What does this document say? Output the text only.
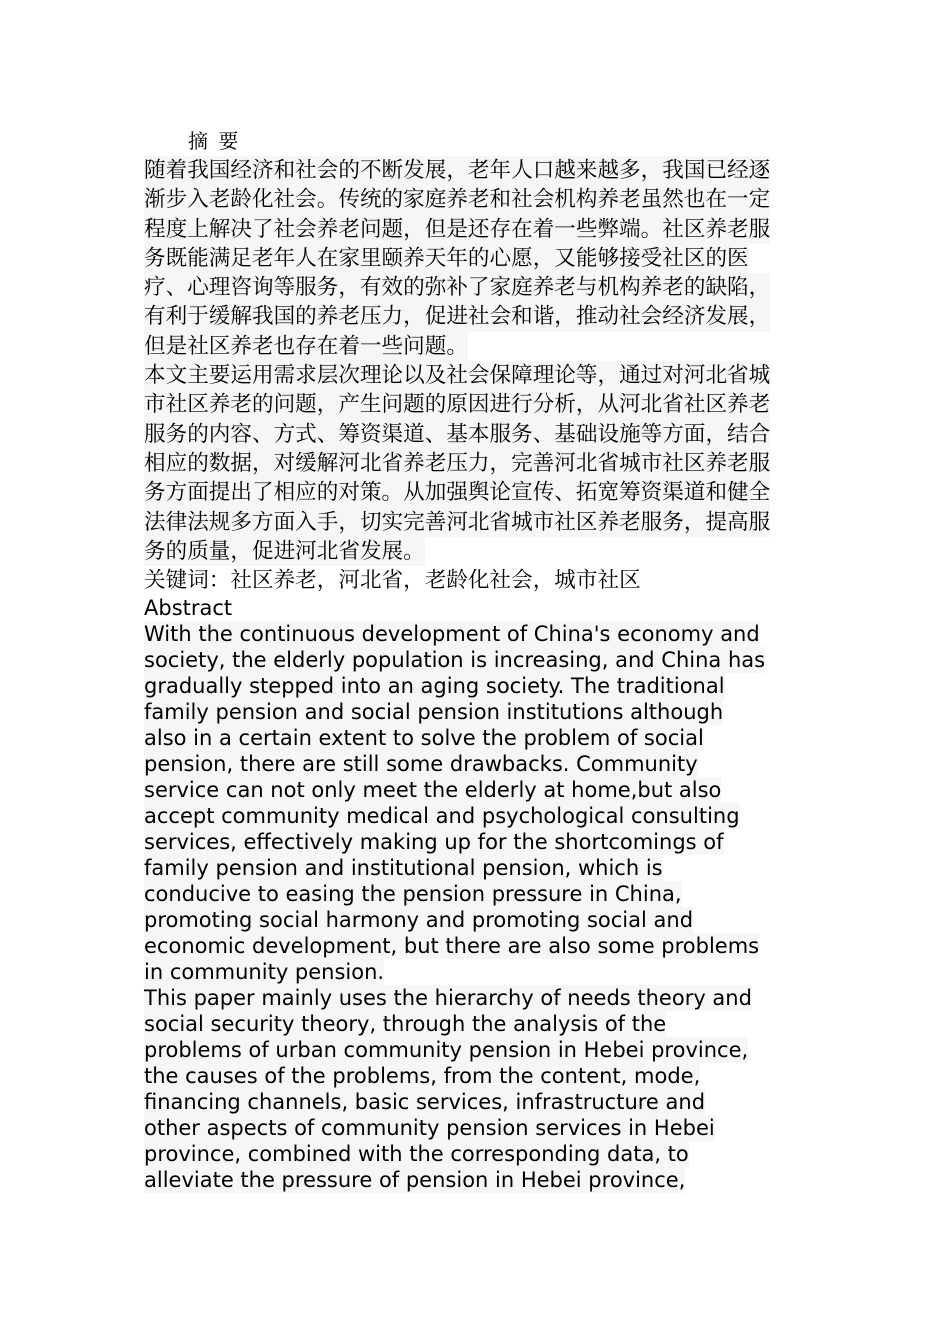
摘 要
随着我国经济和社会的不断发展，老年人口越来越多，我国已经逐
渐步入老龄化社会。传统的家庭养老和社会机构养老虽然也在一定
程度上解决了社会养老问题，但是还存在着一些弊端。社区养老服
务既能满足老年人在家里颐养天年的心愿，又能够接受社区的医
疗、心理咨询等服务，有效的弥补了家庭养老与机构养老的缺陷，
有利于缓解我国的养老压力，促进社会和谐，推动社会经济发展，
但是社区养老也存在着一些问题。
本文主要运用需求层次理论以及社会保障理论等，通过对河北省城
市社区养老的问题，产生问题的原因进行分析，从河北省社区养老
服务的内容、方式、筹资渠道、基本服务、基础设施等方面，结合
相应的数据，对缓解河北省养老压力，完善河北省城市社区养老服
务方面提出了相应的对策。从加强舆论宣传、拓宽筹资渠道和健全
法律法规多方面入手，切实完善河北省城市社区养老服务，提高服
务的质量，促进河北省发展。
关键词：社区养老，河北省，老龄化社会，城市社区
Abstract
With the continuous development of China's economy and
society, the elderly population is increasing, and China has
gradually stepped into an aging society. The traditional
family pension and social pension institutions although
also in a certain extent to solve the problem of social
pension, there are still some drawbacks. Community
service can not only meet the elderly at home,but also
accept community medical and psychological consulting
services, effectively making up for the shortcomings of
family pension and institutional pension, which is
conducive to easing the pension pressure in China,
promoting social harmony and promoting social and
economic development, but there are also some problems
in community pension.
This paper mainly uses the hierarchy of needs theory and
social security theory, through the analysis of the
problems of urban community pension in Hebei province,
the causes of the problems, from the content, mode,
financing channels, basic services, infrastructure and
other aspects of community pension services in Hebei
province, combined with the corresponding data, to
alleviate the pressure of pension in Hebei province,
